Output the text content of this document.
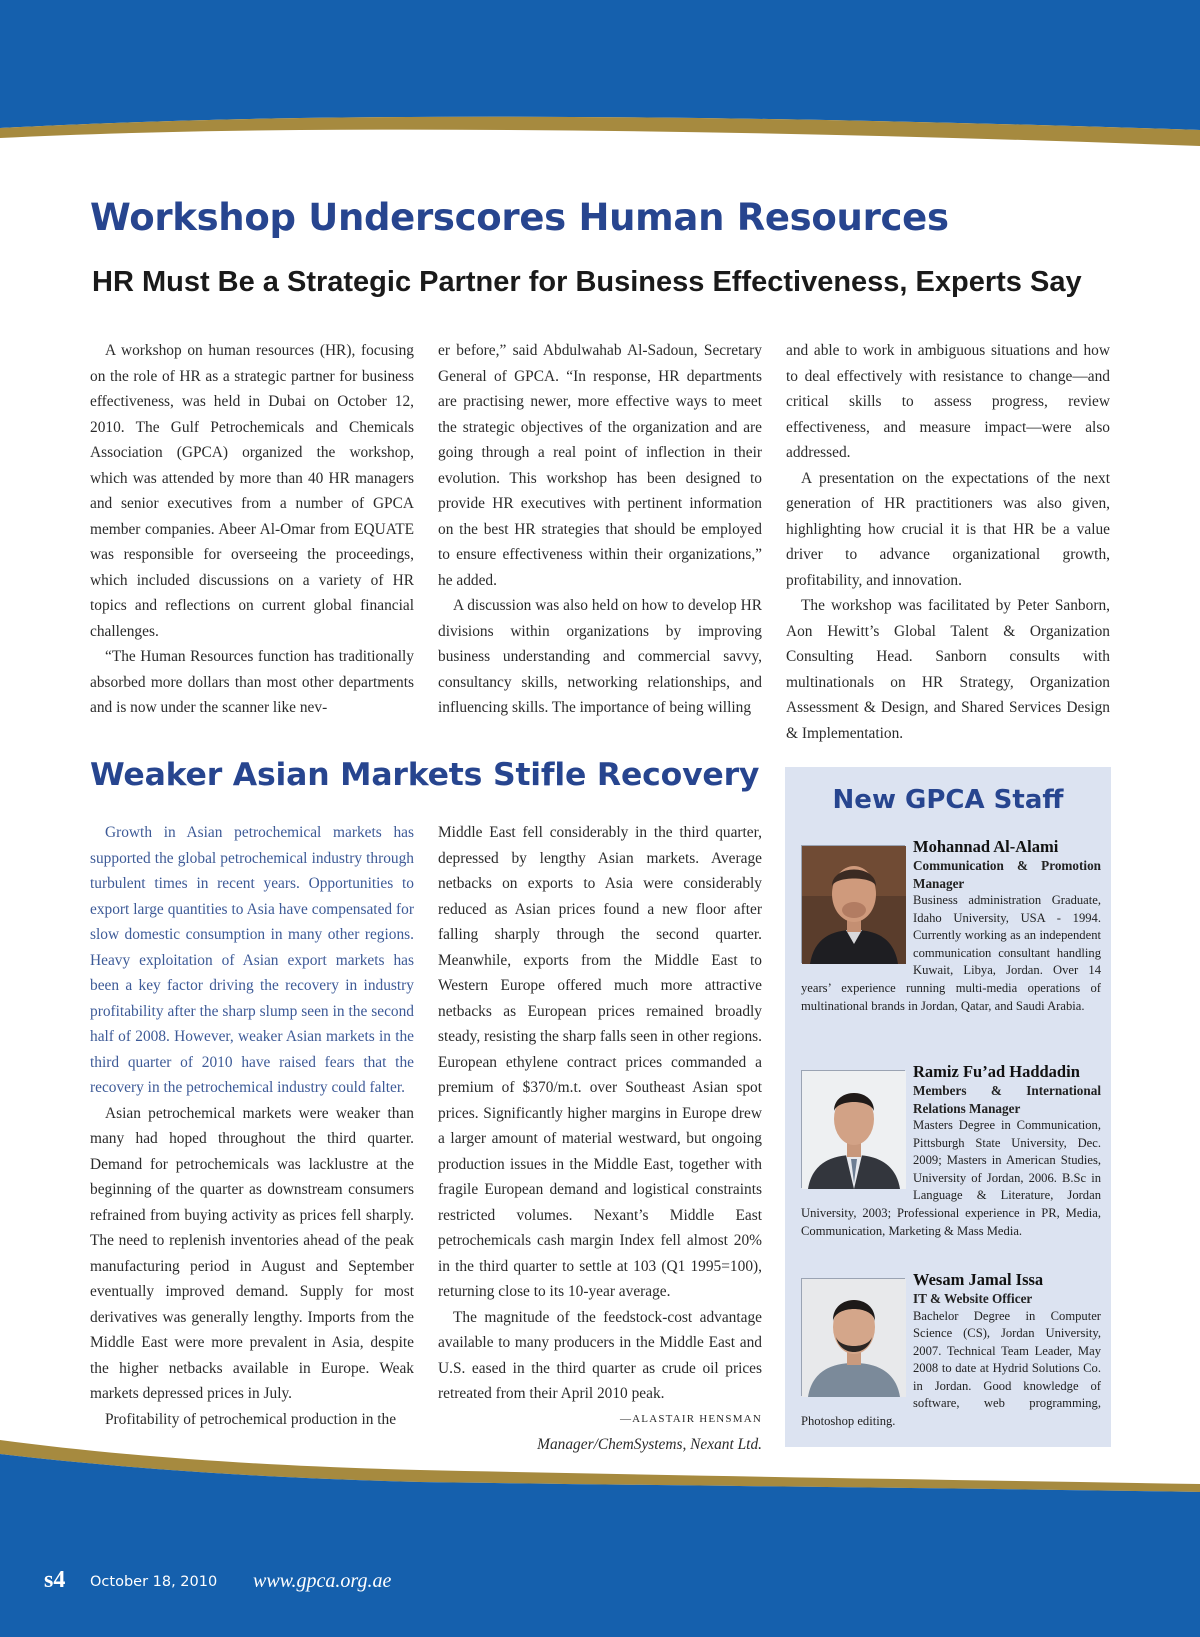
Workshop Underscores Human Resources
HR Must Be a Strategic Partner for Business Effectiveness, Experts Say

A workshop on human resources (HR), focusing on the role of HR as a strategic partner for business effectiveness, was held in Dubai on October 12, 2010. The Gulf Petrochemicals and Chemicals Association (GPCA) organized the workshop, which was attended by more than 40 HR managers and senior executives from a number of GPCA member companies. Abeer Al-Omar from EQUATE was responsible for overseeing the proceedings, which included discussions on a variety of HR topics and reflections on current global financial challenges.

“The Human Resources function has traditionally absorbed more dollars than most other departments and is now under the scanner like nev-

er before,” said Abdulwahab Al-Sadoun, Secretary General of GPCA. “In response, HR departments are practising newer, more effective ways to meet the strategic objectives of the organization and are going through a real point of inflection in their evolution. This workshop has been designed to provide HR executives with pertinent information on the best HR strategies that should be employed to ensure effectiveness within their organizations,” he added.

A discussion was also held on how to develop HR divisions within organizations by improving business understanding and commercial savvy, consultancy skills, networking relationships, and influencing skills. The importance of being willing

and able to work in ambiguous situations and how to deal effectively with resistance to change—and critical skills to assess progress, review effectiveness, and measure impact—were also addressed.

A presentation on the expectations of the next generation of HR practitioners was also given, highlighting how crucial it is that HR be a value driver to advance organizational growth, profitability, and innovation.

The workshop was facilitated by Peter Sanborn, Aon Hewitt’s Global Talent & Organization Consulting Head. Sanborn consults with multinationals on HR Strategy, Organization Assessment & Design, and Shared Services Design & Implementation.

Weaker Asian Markets Stifle Recovery

Growth in Asian petrochemical markets has supported the global petrochemical industry through turbulent times in recent years. Opportunities to export large quantities to Asia have compensated for slow domestic consumption in many other regions. Heavy exploitation of Asian export markets has been a key factor driving the recovery in industry profitability after the sharp slump seen in the second half of 2008. However, weaker Asian markets in the third quarter of 2010 have raised fears that the recovery in the petrochemical industry could falter.

Asian petrochemical markets were weaker than many had hoped throughout the third quarter. Demand for petrochemicals was lacklustre at the beginning of the quarter as downstream consumers refrained from buying activity as prices fell sharply. The need to replenish inventories ahead of the peak manufacturing period in August and September eventually improved demand. Supply for most derivatives was generally lengthy. Imports from the Middle East were more prevalent in Asia, despite the higher netbacks available in Europe. Weak markets depressed prices in July.

Profitability of petrochemical production in the

Middle East fell considerably in the third quarter, depressed by lengthy Asian markets. Average netbacks on exports to Asia were considerably reduced as Asian prices found a new floor after falling sharply through the second quarter. Meanwhile, exports from the Middle East to Western Europe offered much more attractive netbacks as European prices remained broadly steady, resisting the sharp falls seen in other regions. European ethylene contract prices commanded a premium of $370/m.t. over Southeast Asian spot prices. Significantly higher margins in Europe drew a larger amount of material westward, but ongoing production issues in the Middle East, together with fragile European demand and logistical constraints restricted volumes. Nexant’s Middle East petrochemicals cash margin Index fell almost 20% in the third quarter to settle at 103 (Q1 1995=100), returning close to its 10-year average.

The magnitude of the feedstock-cost advantage available to many producers in the Middle East and U.S. eased in the third quarter as crude oil prices retreated from their April 2010 peak.

—ALASTAIR HENSMAN

Manager/ChemSystems, Nexant Ltd.

New GPCA Staff
Mohannad Al-Alami
Communication & Promotion Manager
Business administration Graduate, Idaho University, USA - 1994. Currently working as an independent communication consultant handling Kuwait, Libya, Jordan. Over 14 years’ experience running multi-media operations of multinational brands in Jordan, Qatar, and Saudi Arabia.
Ramiz Fu’ad Haddadin
Members & International Relations Manager
Masters Degree in Communication, Pittsburgh State University, Dec. 2009; Masters in American Studies, University of Jordan, 2006. B.Sc in Language & Literature, Jordan University, 2003; Professional experience in PR, Media, Communication, Marketing & Mass Media.
Wesam Jamal Issa
IT & Website Officer
Bachelor Degree in Computer Science (CS), Jordan University, 2007. Technical Team Leader, May 2008 to date at Hydrid Solutions Co. in Jordan. Good knowledge of software, web programming, Photoshop editing.
s4 October 18, 2010 www.gpca.org.ae
